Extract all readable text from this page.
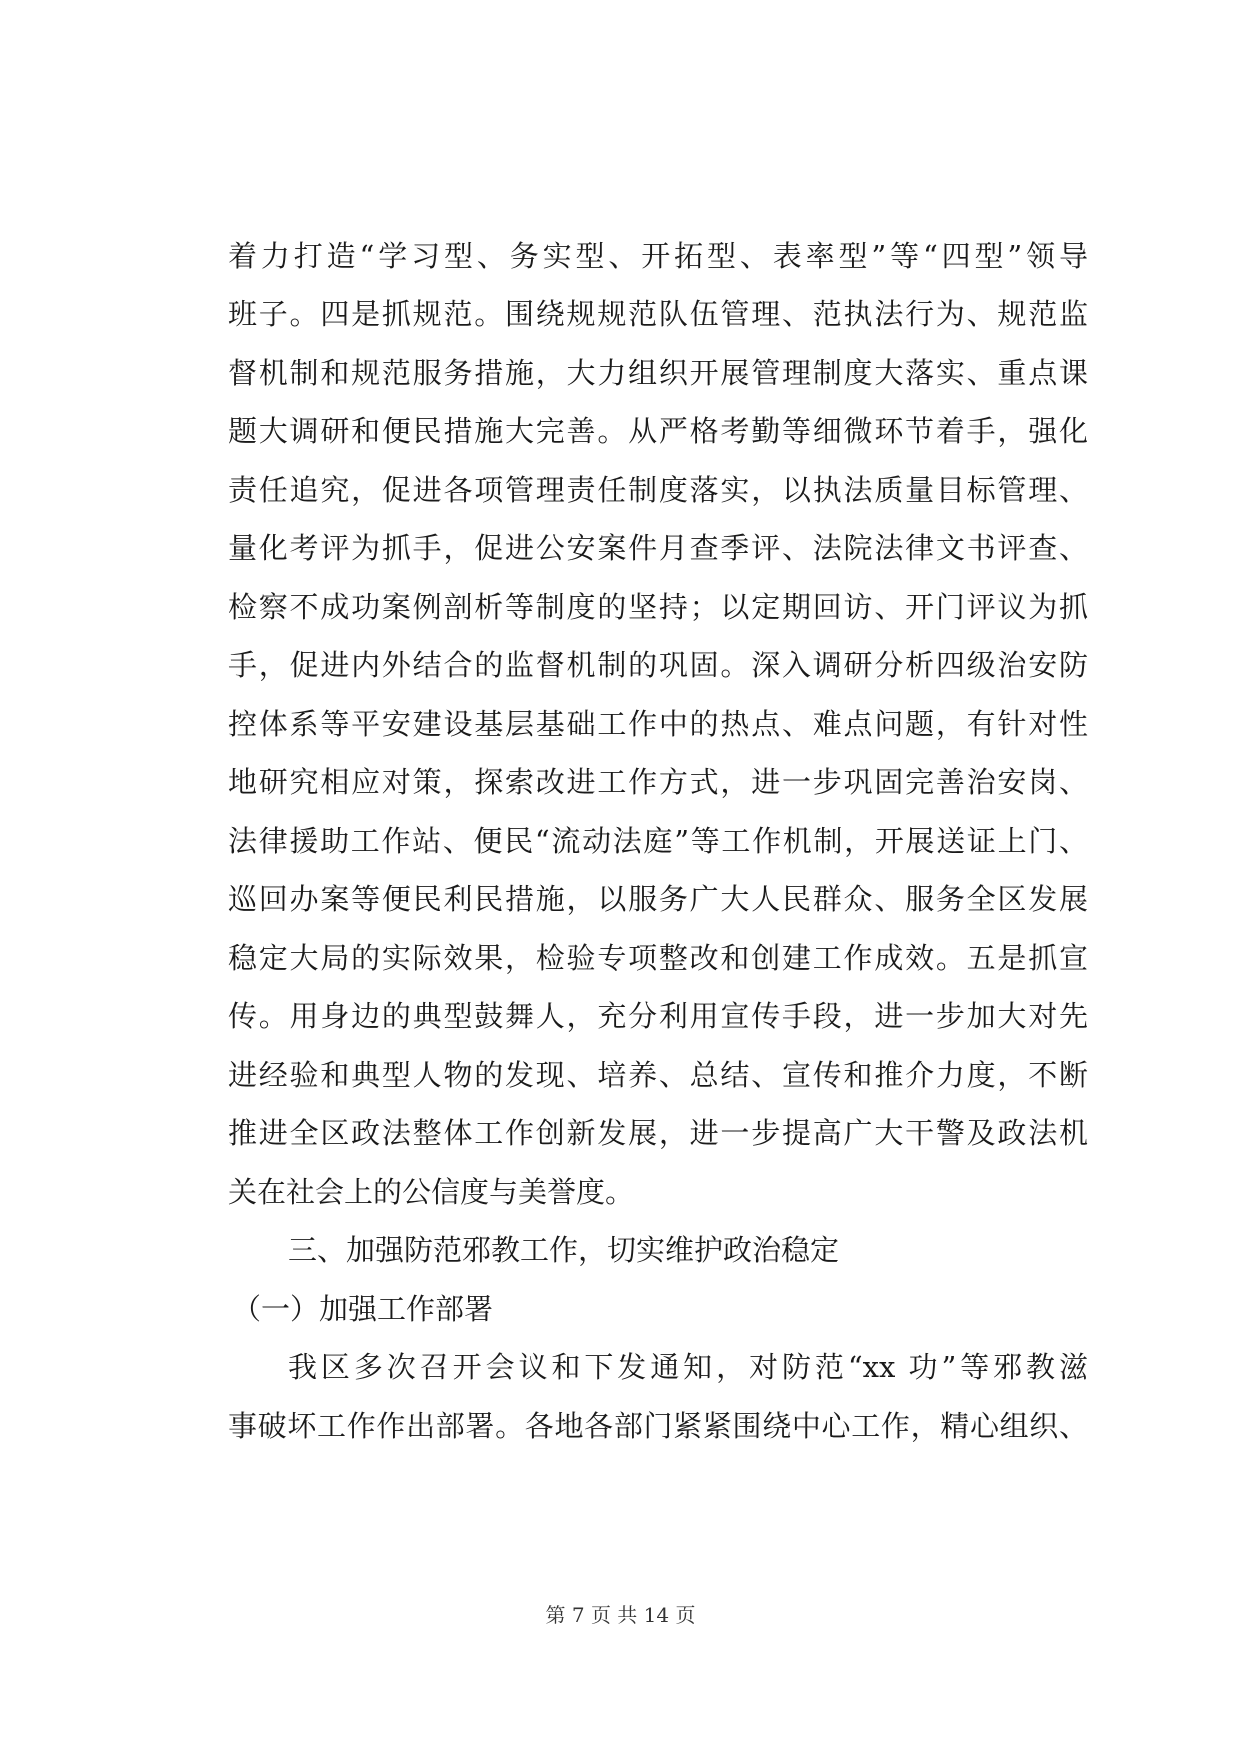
着力打造“学习型、务实型、开拓型、表率型”等“四型”领导
班子。四是抓规范。围绕规规范队伍管理、范执法行为、规范监
督机制和规范服务措施，大力组织开展管理制度大落实、重点课
题大调研和便民措施大完善。从严格考勤等细微环节着手，强化
责任追究，促进各项管理责任制度落实，以执法质量目标管理、
量化考评为抓手，促进公安案件月查季评、法院法律文书评查、
检察不成功案例剖析等制度的坚持；以定期回访、开门评议为抓
手，促进内外结合的监督机制的巩固。深入调研分析四级治安防
控体系等平安建设基层基础工作中的热点、难点问题，有针对性
地研究相应对策，探索改进工作方式，进一步巩固完善治安岗、
法律援助工作站、便民“流动法庭”等工作机制，开展送证上门、
巡回办案等便民利民措施，以服务广大人民群众、服务全区发展
稳定大局的实际效果，检验专项整改和创建工作成效。五是抓宣
传。用身边的典型鼓舞人，充分利用宣传手段，进一步加大对先
进经验和典型人物的发现、培养、总结、宣传和推介力度，不断
推进全区政法整体工作创新发展，进一步提高广大干警及政法机
关在社会上的公信度与美誉度。
三、加强防范邪教工作，切实维护政治稳定
（一）加强工作部署
我区多次召开会议和下发通知，对防范“xx 功”等邪教滋
事破坏工作作出部署。各地各部门紧紧围绕中心工作，精心组织、
第 7 页 共 14 页
